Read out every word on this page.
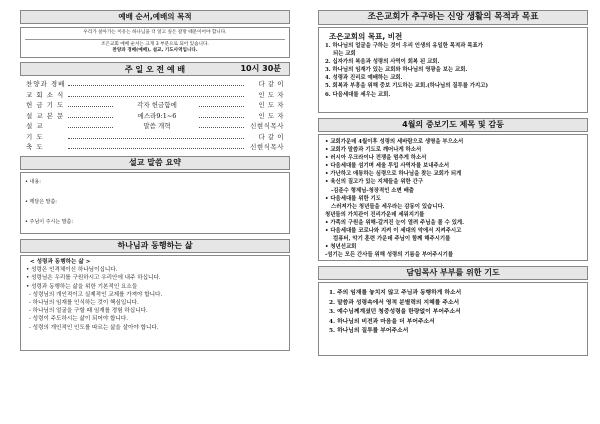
예배 순서,예배의 목적
우리가 살아가는 이유는 하나님을 더 알고 싶은 갈망 때문이어야 합니다.
조은교회 예배 순서는 크게 3 부분으로 되어 있습니다.
찬양과 경배(예배), 설교, 기도사역입니다.
주 일 오 전 예 배	10시 30분
찬양과 경배	다 같 이
교 회 소 식	인 도 자
헌 금 기 도	각자 헌금함에	인 도 자
설 교 본 문	에스라9:1~6	인 도 자
설 교	말씀 개혁	신현식목사
기 도	다 같 이
축 도	신현식목사
설교 말씀 요약
• 내용:
• 깨달은 말씀:
• 주님이 주시는 말씀:
하나님과 동행하는 삶
< 성령과 동행하는 삶 >
• 성령은 인격체이신 하나님이십니다.
• 성령님은 우리를 구원하시고 우리안에 내주 하십니다.
• 성령과 동행하는 삶을 위한 기본적인 요소들
- 성령님의 개인적이고 실제적인 교제를 가져야 합니다.
- 하나님의 임재를 인식하는 것이 핵심입니다.
- 하나님의 얼굴을 구할 때 임재를 경험 하십니다.
- 성령이 주도하시는 삶이 되어야 합니다.
- 성령의 개인적인 인도를 따르는 삶을 살아야 합니다.
조은교회가 추구하는 신앙 생활의 목적과 목표
조은교회의 목표, 비전
1. 하나님의 얼굴을 구하는 것이 우리 인생의 유일한 목적과 목표가
되는 교회
2. 십자가의 복음과 성령의 사역이 회복 된 교회.
3. 하나님의 임재가 있는 교회와 하나님의 영광을 보는 교회.
4. 성령과 진리로 예배하는 교회.
5. 회복과 부흥을 위해 중보 기도하는 교회.(하나님의 질투를 가지고)
6. 다음세대를 세우는 교회.
4월의 중보기도 제목 및 감동
• 교회가운데 4월이후 성령의 세바람으로 생명을 부으소서
• 교회가 말씀과 기도로 깨어나게 하소서
• 러시아 우크라이나 전쟁을 멈추게 하소서
• 다음세대를 섬기며 세울 투입 사역자를 보내주소서
• 가난하고 애통하는 심령으로 하나님을 찾는 교회가 되게
• 육신의 질고가 있는 지체들을 위한 간구
-김준수 형제님-청장적인 소변 배출
• 다음세대를 위한 기도
스러져가는 청년들을 세우라는 감동이 있습니다.
청년들의 가치관이 진리가운데 세워지기를
• 가족의 구원을 위해-갈겨진 눈이 열려 주님을 볼 수 있게.
• 다음세대를 코로나와 지켜 이 세대의 악에서 지켜주시고
컴퓨터, 악기 훈련 가운데 주님이 함께 해주시기를
• 청년선교회
-섬기는 모든 간사들 위해 성령의 기름을 부어주시기를
담임목사 부부를 위한 기도
1. 주의 임재를 놓치지 않고 주님과 동행하게 하소서
2. 말씀과 성령속에서 영적 분별력의 지혜를 주소서
3. 예수님께계셨던 청중성령을 한량없이 부어주소서
4. 하나님의 비전과 마음을 더 부어주소서
5. 하나님의 질투를 부어주소서
